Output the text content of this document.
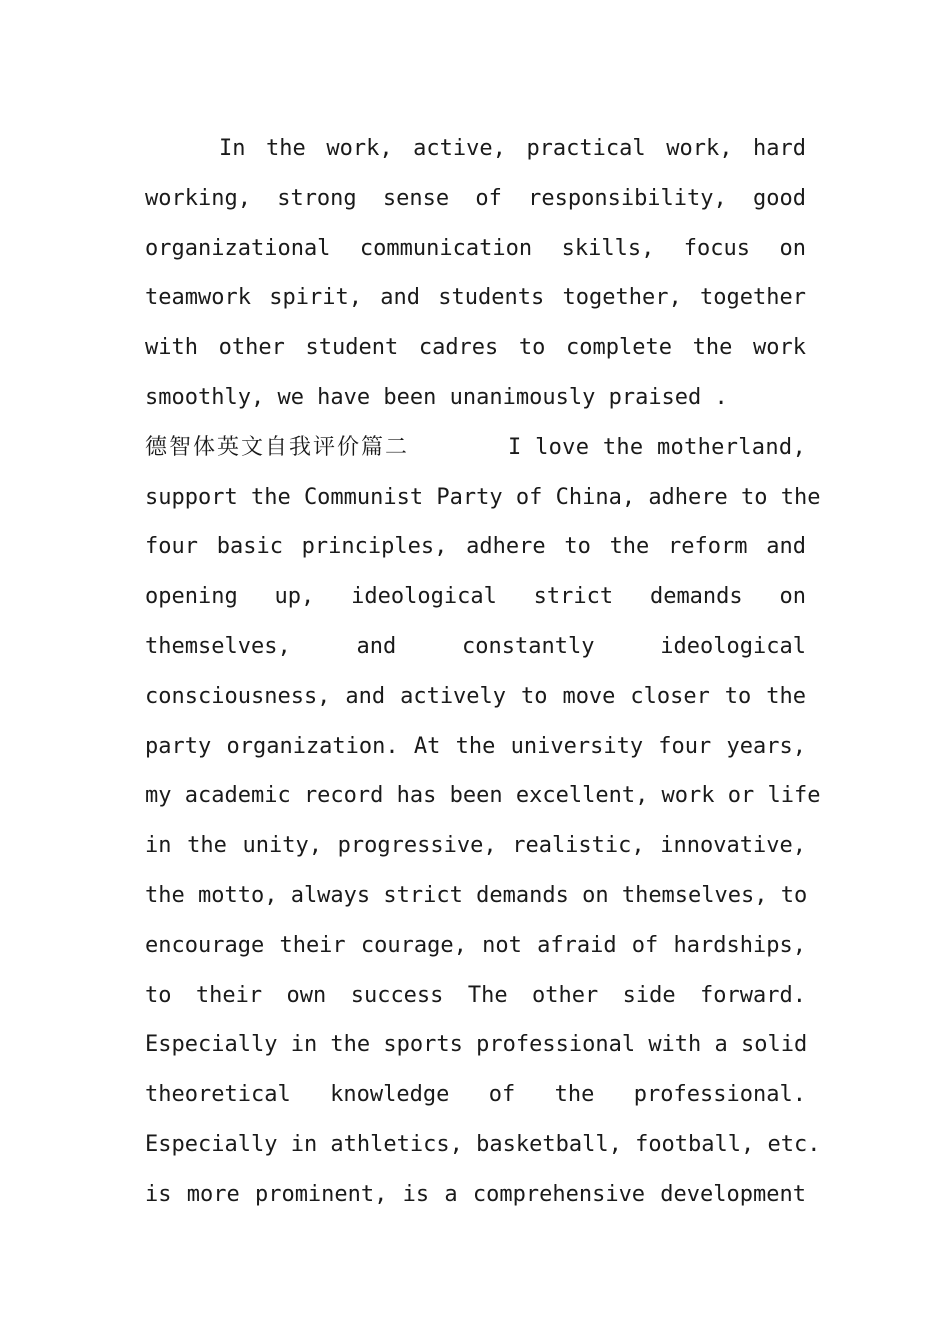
In the work, active, practical work, hard
working, strong sense of responsibility, good
organizational communication skills, focus on
teamwork spirit, and students together, together
with other student cadres to complete the work
smoothly, we have been unanimously praised .
德智体英文自我评价篇二	I love the motherland,
support the Communist Party of China, adhere to the
four basic principles, adhere to the reform and
opening up, ideological strict demands on
themselves, and constantly ideological
consciousness, and actively to move closer to the
party organization. At the university four years,
my academic record has been excellent, work or life
in the unity, progressive, realistic, innovative,
the motto, always strict demands on themselves, to
encourage their courage, not afraid of hardships,
to their own success The other side forward.
Especially in the sports professional with a solid
theoretical knowledge of the professional.
Especially in athletics, basketball, football, etc.
is more prominent, is a comprehensive development
